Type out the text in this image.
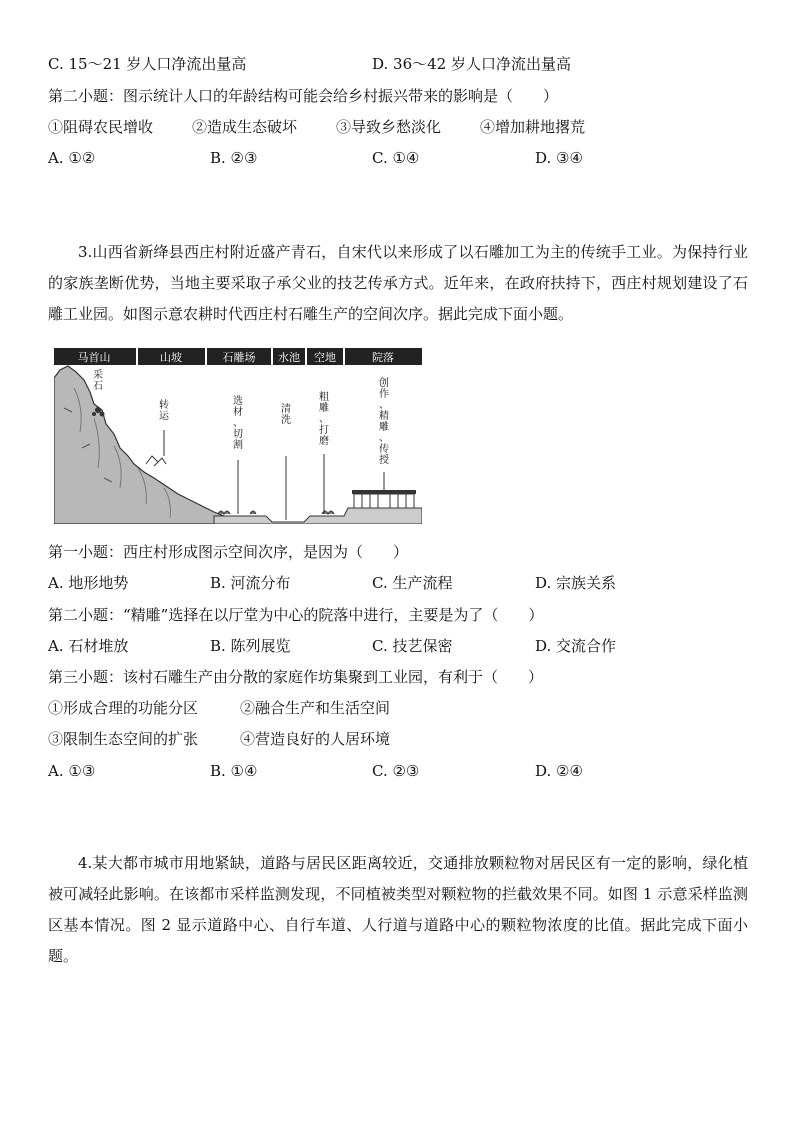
C. 15～21 岁人口净流出量高	D. 36～42 岁人口净流出量高
第二小题：图示统计人口的年龄结构可能会给乡村振兴带来的影响是（　　）
①阻碍农民增收	②造成生态破坏	③导致乡愁淡化	④增加耕地撂荒
A. ①②	B. ②③	C. ①④	D. ③④
3.山西省新绛县西庄村附近盛产青石，自宋代以来形成了以石雕加工为主的传统手工业。为保持行业的家族垄断优势，当地主要采取子承父业的技艺传承方式。近年来，在政府扶持下，西庄村规划建设了石雕工业园。如图示意农耕时代西庄村石雕生产的空间次序。据此完成下面小题。
马首山	山坡	石雕场 水池 空地	院落
采石
转运
选材、切割
清洗
粗雕、打磨
创作、精雕、传授
第一小题：西庄村形成图示空间次序，是因为（　　）
A. 地形地势	B. 河流分布	C. 生产流程	D. 宗族关系
第二小题：“精雕”选择在以厅堂为中心的院落中进行，主要是为了（　　）
A. 石材堆放	B. 陈列展览	C. 技艺保密	D. 交流合作
第三小题：该村石雕生产由分散的家庭作坊集聚到工业园，有利于（　　）
①形成合理的功能分区	②融合生产和生活空间
③限制生态空间的扩张	④营造良好的人居环境
A. ①③	B. ①④	C. ②③	D. ②④
4.某大都市城市用地紧缺，道路与居民区距离较近，交通排放颗粒物对居民区有一定的影响，绿化植被可减轻此影响。在该都市采样监测发现，不同植被类型对颗粒物的拦截效果不同。如图 1 示意采样监测区基本情况。图 2 显示道路中心、自行车道、人行道与道路中心的颗粒物浓度的比值。据此完成下面小题。
